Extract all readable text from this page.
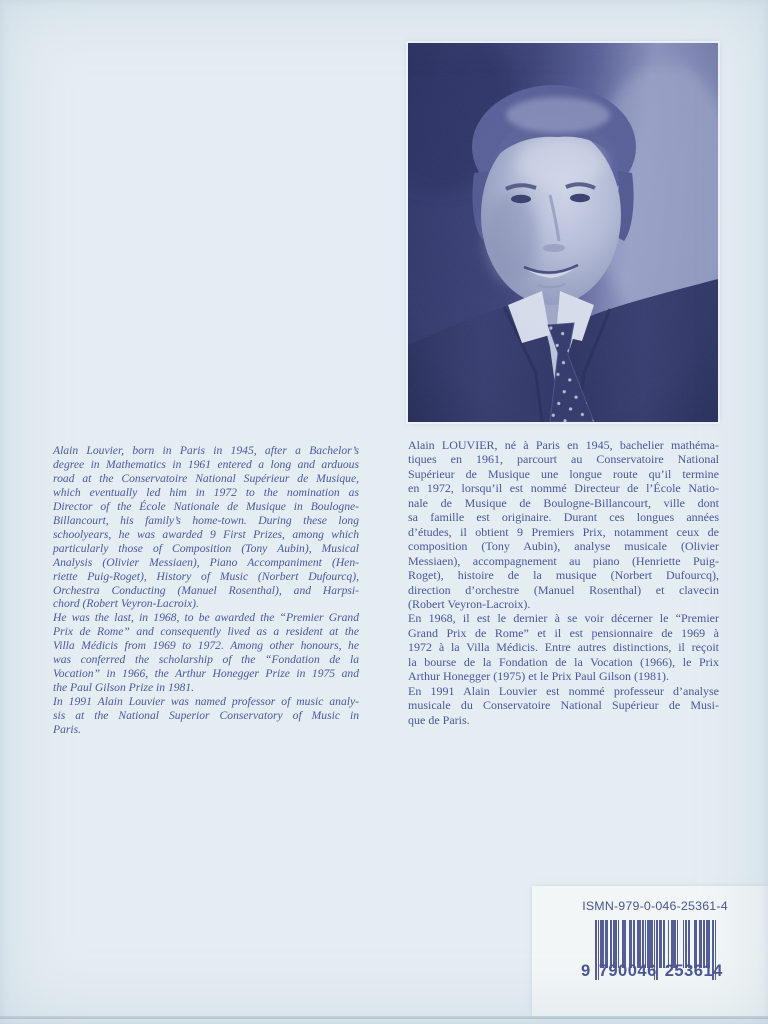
Alain Louvier, born in Paris in 1945, after a Bachelor’s
degree in Mathematics in 1961 entered a long and arduous
road at the Conservatoire National Supérieur de Musique,
which eventually led him in 1972 to the nomination as
Director of the École Nationale de Musique in Boulogne-
Billancourt, his family’s home-town. During these long
schoolyears, he was awarded 9 First Prizes, among which
particularly those of Composition (Tony Aubin), Musical
Analysis (Olivier Messiaen), Piano Accompaniment (Hen-
riette Puig-Roget), History of Music (Norbert Dufourcq),
Orchestra Conducting (Manuel Rosenthal), and Harpsi-
chord (Robert Veyron-Lacroix).
He was the last, in 1968, to be awarded the “Premier Grand
Prix de Rome” and consequently lived as a resident at the
Villa Médicis from 1969 to 1972. Among other honours, he
was conferred the scholarship of the “Fondation de la
Vocation” in 1966, the Arthur Honegger Prize in 1975 and
the Paul Gilson Prize in 1981.
In 1991 Alain Louvier was named professor of music analy-
sis at the National Superior Conservatory of Music in
Paris.
Alain LOUVIER, né à Paris en 1945, bachelier mathéma-
tiques en 1961, parcourt au Conservatoire National
Supérieur de Musique une longue route qu’il termine
en 1972, lorsqu’il est nommé Directeur de l’École Natio-
nale de Musique de Boulogne-Billancourt, ville dont
sa famille est originaire. Durant ces longues années
d’études, il obtient 9 Premiers Prix, notamment ceux de
composition (Tony Aubin), analyse musicale (Olivier
Messiaen), accompagnement au piano (Henriette Puig-
Roget), histoire de la musique (Norbert Dufourcq),
direction d’orchestre (Manuel Rosenthal) et clavecin
(Robert Veyron-Lacroix).
En 1968, il est le dernier à se voir décerner le “Premier
Grand Prix de Rome” et il est pensionnaire de 1969 à
1972 à la Villa Médicis. Entre autres distinctions, il reçoit
la bourse de la Fondation de la Vocation (1966), le Prix
Arthur Honegger (1975) et le Prix Paul Gilson (1981).
En 1991 Alain Louvier est nommé professeur d’analyse
musicale du Conservatoire National Supérieur de Musi-
que de Paris.
ISMN-979-0-046-25361-4
9 790046 253614
